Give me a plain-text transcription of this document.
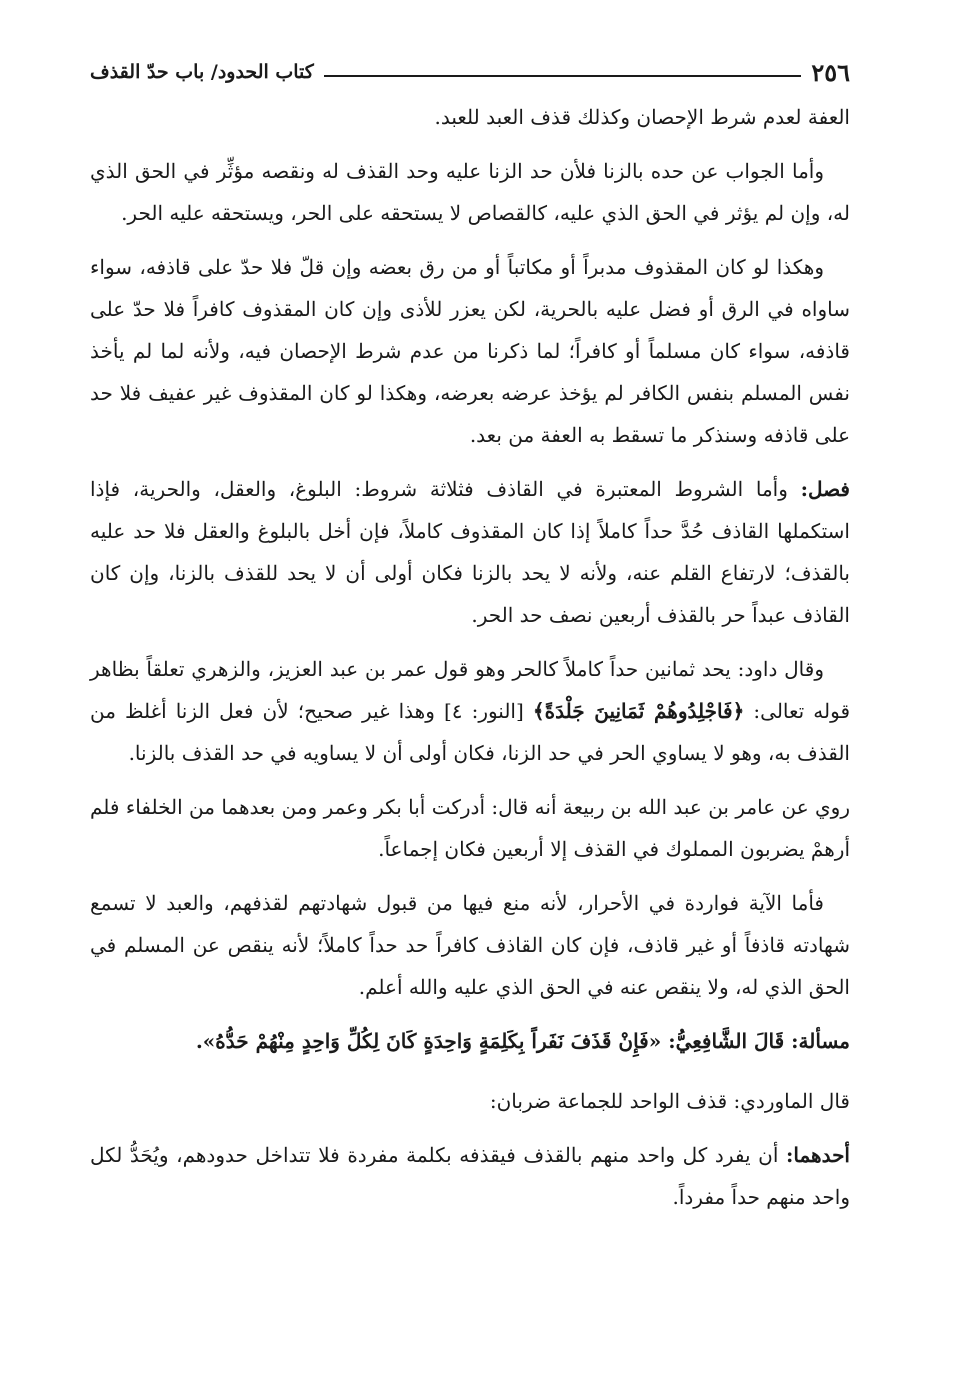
٢٥٦
كتاب الحدود/ باب حدّ القذف

العفة لعدم شرط الإحصان وكذلك قذف العبد للعبد.

وأما الجواب عن حده بالزنا فلأن حد الزنا عليه وحد القذف له ونقصه مؤثِّر في الحق الذي له، وإن لم يؤثر في الحق الذي عليه، كالقصاص لا يستحقه على الحر، ويستحقه عليه الحر.

وهكذا لو كان المقذوف مدبراً أو مكاتباً أو من رق بعضه وإن قلّ فلا حدّ على قاذفه، سواء ساواه في الرق أو فضل عليه بالحرية، لكن يعزر للأذى وإن كان المقذوف كافراً فلا حدّ على قاذفه، سواء كان مسلماً أو كافراً؛ لما ذكرنا من عدم شرط الإحصان فيه، ولأنه لما لم يأخذ نفس المسلم بنفس الكافر لم يؤخذ عرضه بعرضه، وهكذا لو كان المقذوف غير عفيف فلا حد على قاذفه وسنذكر ما تسقط به العفة من بعد.

فصل: وأما الشروط المعتبرة في القاذف فثلاثة شروط: البلوغ، والعقل، والحرية، فإذا استكملها القاذف حُدَّ حداً كاملاً إذا كان المقذوف كاملاً، فإن أخل بالبلوغ والعقل فلا حد عليه بالقذف؛ لارتفاع القلم عنه، ولأنه لا يحد بالزنا فكان أولى أن لا يحد للقذف بالزنا، وإن كان القاذف عبداً حر بالقذف أربعين نصف حد الحر.

وقال داود: يحد ثمانين حداً كاملاً كالحر وهو قول عمر بن عبد العزيز، والزهري تعلقاً بظاهر قوله تعالى: ﴿فَاجْلِدُوهُمْ ثَمَانِينَ جَلْدَةً﴾ [النور: ٤] وهذا غير صحيح؛ لأن فعل الزنا أغلظ من القذف به، وهو لا يساوي الحر في حد الزنا، فكان أولى أن لا يساويه في حد القذف بالزنا.

روي عن عامر بن عبد الله بن ربيعة أنه قال: أدركت أبا بكر وعمر ومن بعدهما من الخلفاء فلم أرهمْ يضربون المملوك في القذف إلا أربعين فكان إجماعاً.

فأما الآية فواردة في الأحرار، لأنه منع فيها من قبول شهادتهم لقذفهم، والعبد لا تسمع شهادته قاذفاً أو غير قاذف، فإن كان القاذف كافراً حد حداً كاملاً؛ لأنه ينقص عن المسلم في الحق الذي له، ولا ينقص عنه في الحق الذي عليه والله أعلم.

مسألة: قَالَ الشَّافِعِيُّ: «فَإِنْ قَذَفَ نَفَراً بِكَلِمَةٍ وَاحِدَةٍ كَانَ لِكُلِّ وَاحِدٍ مِنْهُمْ حَدُّهُ».

قال الماوردي: قذف الواحد للجماعة ضربان:

أحدهما: أن يفرد كل واحد منهم بالقذف فيقذفه بكلمة مفردة فلا تتداخل حدودهم، ويُحَدُّ لكل واحد منهم حداً مفرداً.
